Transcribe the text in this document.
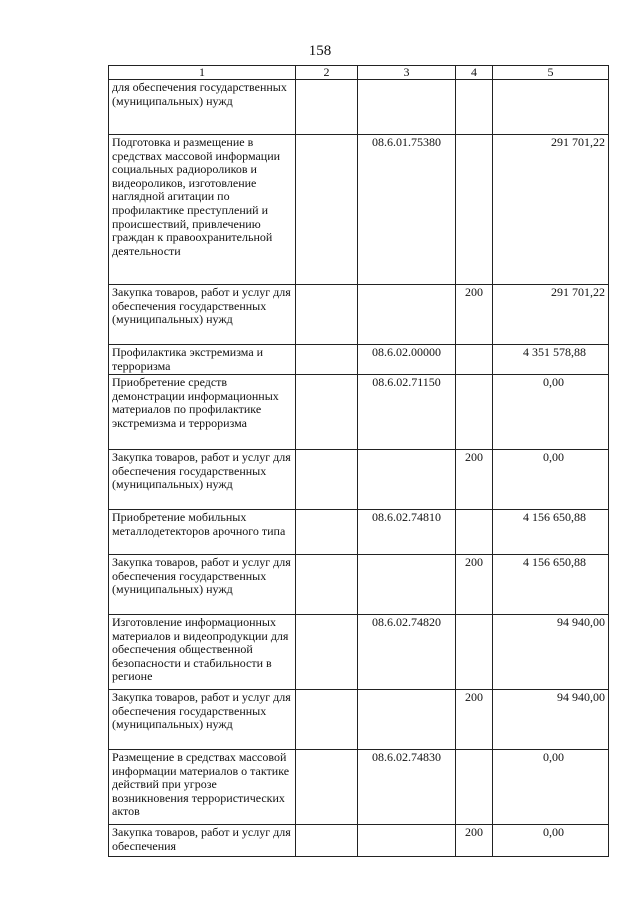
158
1	2	3	4	5
для обеспечения государственных (муниципальных) нужд				
Подготовка и размещение в средствах массовой информации социальных радиороликов и видеороликов, изготовление наглядной агитации по профилактике преступлений и происшествий, привлечению граждан к правоохранительной деятельности		08.6.01.75380		291 701,22
Закупка товаров, работ и услуг для обеспечения государственных (муниципальных) нужд			200	291 701,22
Профилактика экстремизма и терроризма		08.6.02.00000		4 351 578,88
Приобретение средств демонстрации информационных материалов по профилактике экстремизма и терроризма		08.6.02.71150		0,00
Закупка товаров, работ и услуг для обеспечения государственных (муниципальных) нужд			200	0,00
Приобретение мобильных металлодетекторов арочного типа		08.6.02.74810		4 156 650,88
Закупка товаров, работ и услуг для обеспечения государственных (муниципальных) нужд			200	4 156 650,88
Изготовление информационных материалов и видеопродукции для обеспечения общественной безопасности и стабильности в регионе		08.6.02.74820		94 940,00
Закупка товаров, работ и услуг для обеспечения государственных (муниципальных) нужд			200	94 940,00
Размещение в средствах массовой информации материалов о тактике действий при угрозе возникновения террористических актов		08.6.02.74830		0,00
Закупка товаров, работ и услуг для обеспечения			200	0,00
